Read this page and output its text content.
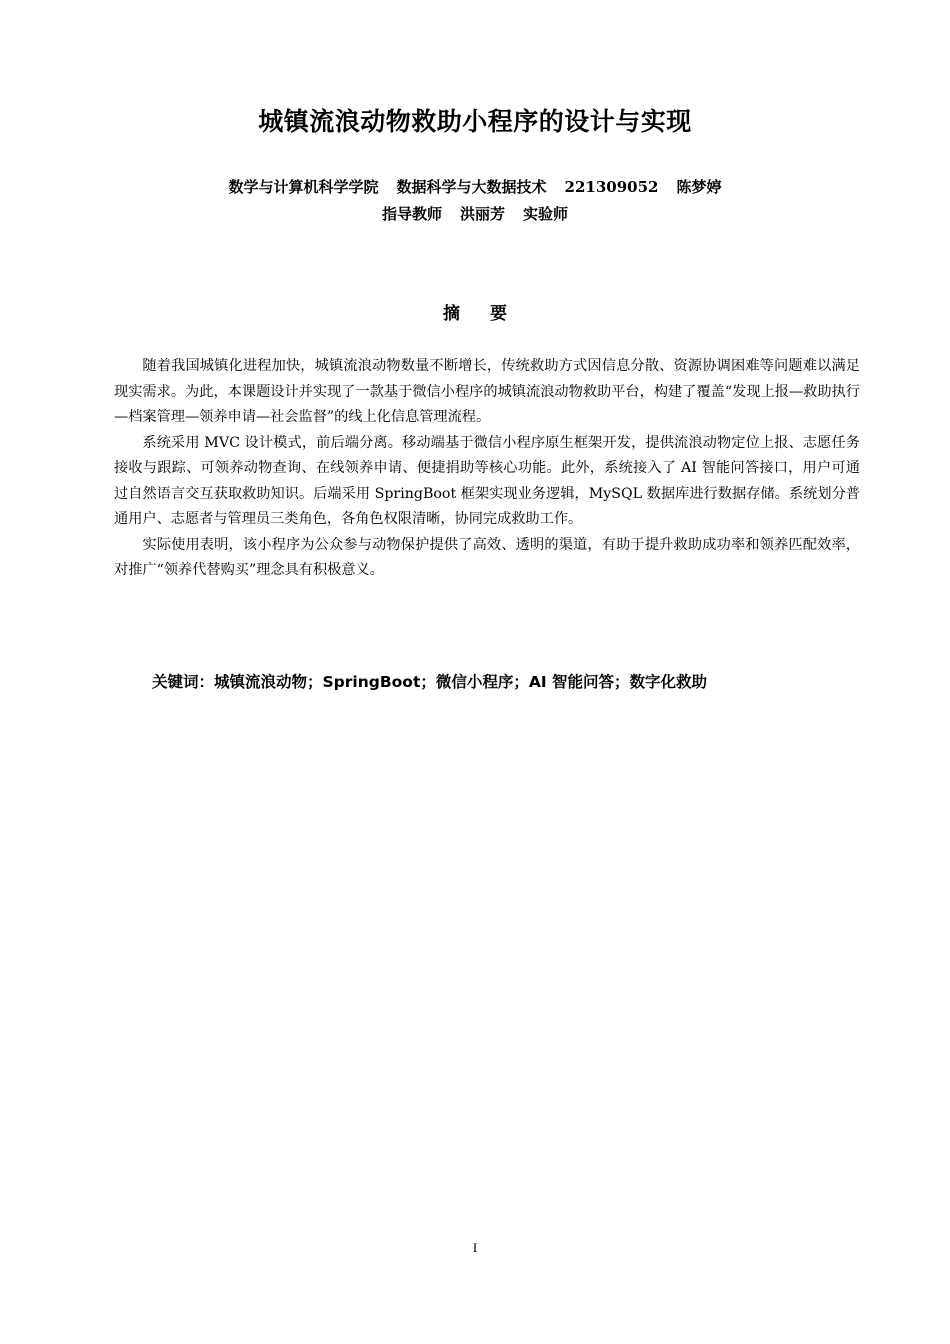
城镇流浪动物救助小程序的设计与实现
数学与计算机科学学院 数据科学与大数据技术 221309052 陈梦婷
指导教师 洪丽芳 实验师
摘 要

随着我国城镇化进程加快，城镇流浪动物数量不断增长，传统救助方式因信息分散、资源协调困难等问题难以满足现实需求。为此，本课题设计并实现了一款基于微信小程序的城镇流浪动物救助平台，构建了覆盖“发现上报—救助执行—档案管理—领养申请—社会监督”的线上化信息管理流程。

系统采用 MVC 设计模式，前后端分离。移动端基于微信小程序原生框架开发，提供流浪动物定位上报、志愿任务接收与跟踪、可领养动物查询、在线领养申请、便捷捐助等核心功能。此外，系统接入了 AI 智能问答接口，用户可通过自然语言交互获取救助知识。后端采用 SpringBoot 框架实现业务逻辑，MySQL 数据库进行数据存储。系统划分普通用户、志愿者与管理员三类角色，各角色权限清晰，协同完成救助工作。

实际使用表明，该小程序为公众参与动物保护提供了高效、透明的渠道，有助于提升救助成功率和领养匹配效率，对推广“领养代替购买”理念具有积极意义。

关键词：城镇流浪动物；SpringBoot；微信小程序；AI 智能问答；数字化救助
I
